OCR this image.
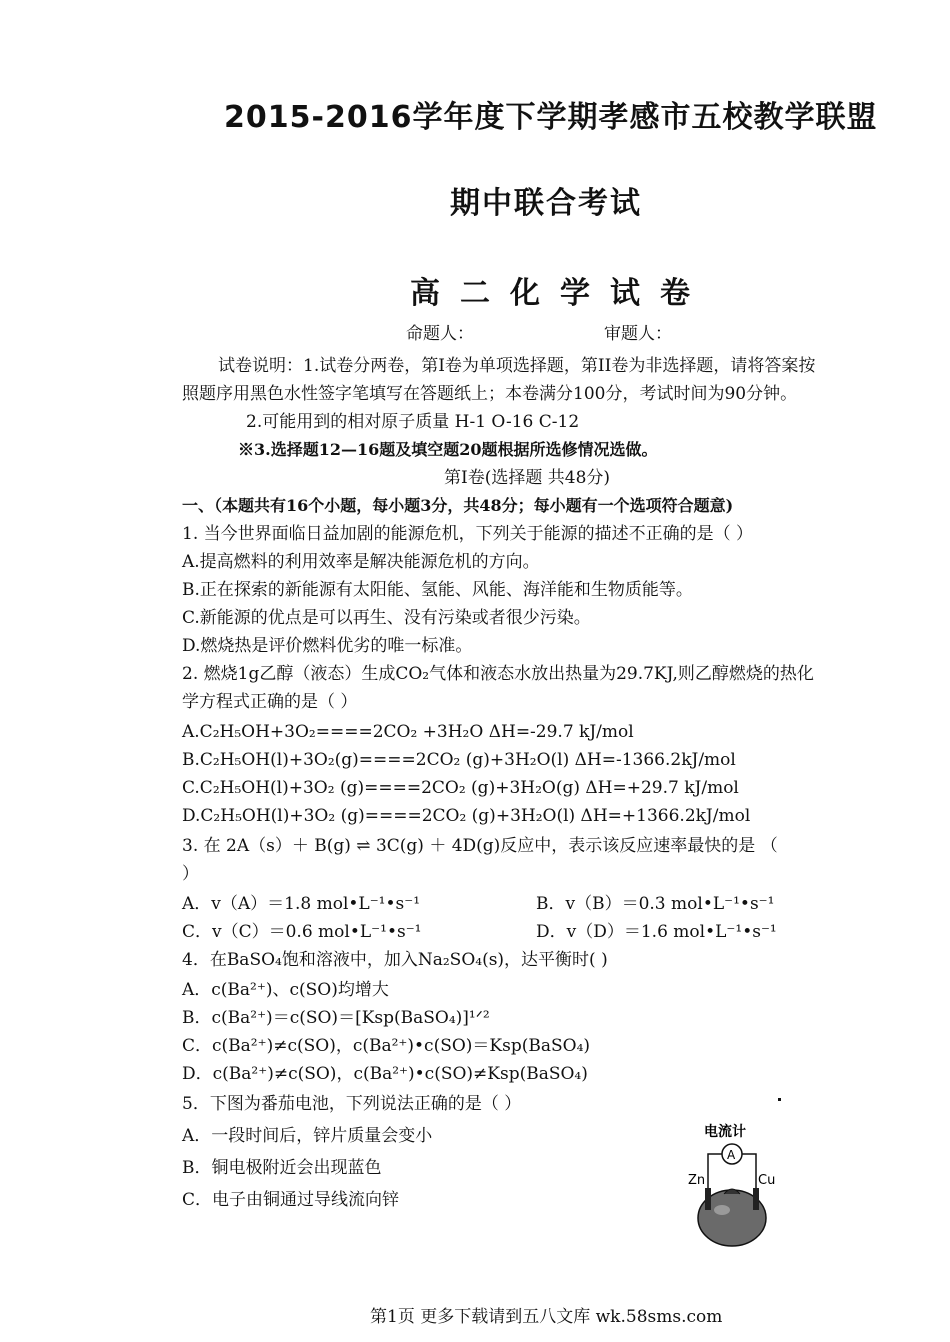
2015-2016学年度下学期孝感市五校教学联盟
期中联合考试
高二化学试卷
命题人：	审题人：
试卷说明：1.试卷分两卷，第Ⅰ卷为单项选择题，第II卷为非选择题，请将答案按
照题序用黑色水性签字笔填写在答题纸上；本卷满分100分，考试时间为90分钟。
2.可能用到的相对原子质量 H-1 O-16 C-12
※3.选择题12—16题及填空题20题根据所选修情况选做。
第Ⅰ卷(选择题 共48分)
一、（本题共有16个小题，每小题3分，共48分；每小题有一个选项符合题意)
1. 当今世界面临日益加剧的能源危机，下列关于能源的描述不正确的是（ ）
A.提高燃料的利用效率是解决能源危机的方向。
B.正在探索的新能源有太阳能、氢能、风能、海洋能和生物质能等。
C.新能源的优点是可以再生、没有污染或者很少污染。
D.燃烧热是评价燃料优劣的唯一标准。
2. 燃烧1g乙醇（液态）生成CO₂气体和液态水放出热量为29.7KJ,则乙醇燃烧的热化
学方程式正确的是（ ）
A.C₂H₅OH+3O₂====2CO₂ +3H₂O ΔH=-29.7 kJ/mol
B.C₂H₅OH(l)+3O₂(g)====2CO₂ (g)+3H₂O(l) ΔH=-1366.2kJ/mol
C.C₂H₅OH(l)+3O₂ (g)====2CO₂ (g)+3H₂O(g) ΔH=+29.7 kJ/mol
D.C₂H₅OH(l)+3O₂ (g)====2CO₂ (g)+3H₂O(l) ΔH=+1366.2kJ/mol
3. 在 2A（s）＋ B(g) ⇌ 3C(g) ＋ 4D(g)反应中，表示该反应速率最快的是 （
）
A．v（A）＝1.8 mol•L⁻¹•s⁻¹	B．v（B）＝0.3 mol•L⁻¹•s⁻¹
C．v（C）＝0.6 mol•L⁻¹•s⁻¹	D．v（D）＝1.6 mol•L⁻¹•s⁻¹
4．在BaSO₄饱和溶液中，加入Na₂SO₄(s)，达平衡时( )
A．c(Ba²⁺)、c(SO)均增大
B．c(Ba²⁺)＝c(SO)＝[Ksp(BaSO₄)]¹ᐟ²
C．c(Ba²⁺)≠c(SO)，c(Ba²⁺)•c(SO)＝Ksp(BaSO₄)
D．c(Ba²⁺)≠c(SO)，c(Ba²⁺)•c(SO)≠Ksp(BaSO₄)
5．下图为番茄电池，下列说法正确的是（ ）
A．一段时间后，锌片质量会变小
B．铜电极附近会出现蓝色
C．电子由铜通过导线流向锌
电流计
A
Zn	Cu
第1页 更多下载请到五八文库 wk.58sms.com
